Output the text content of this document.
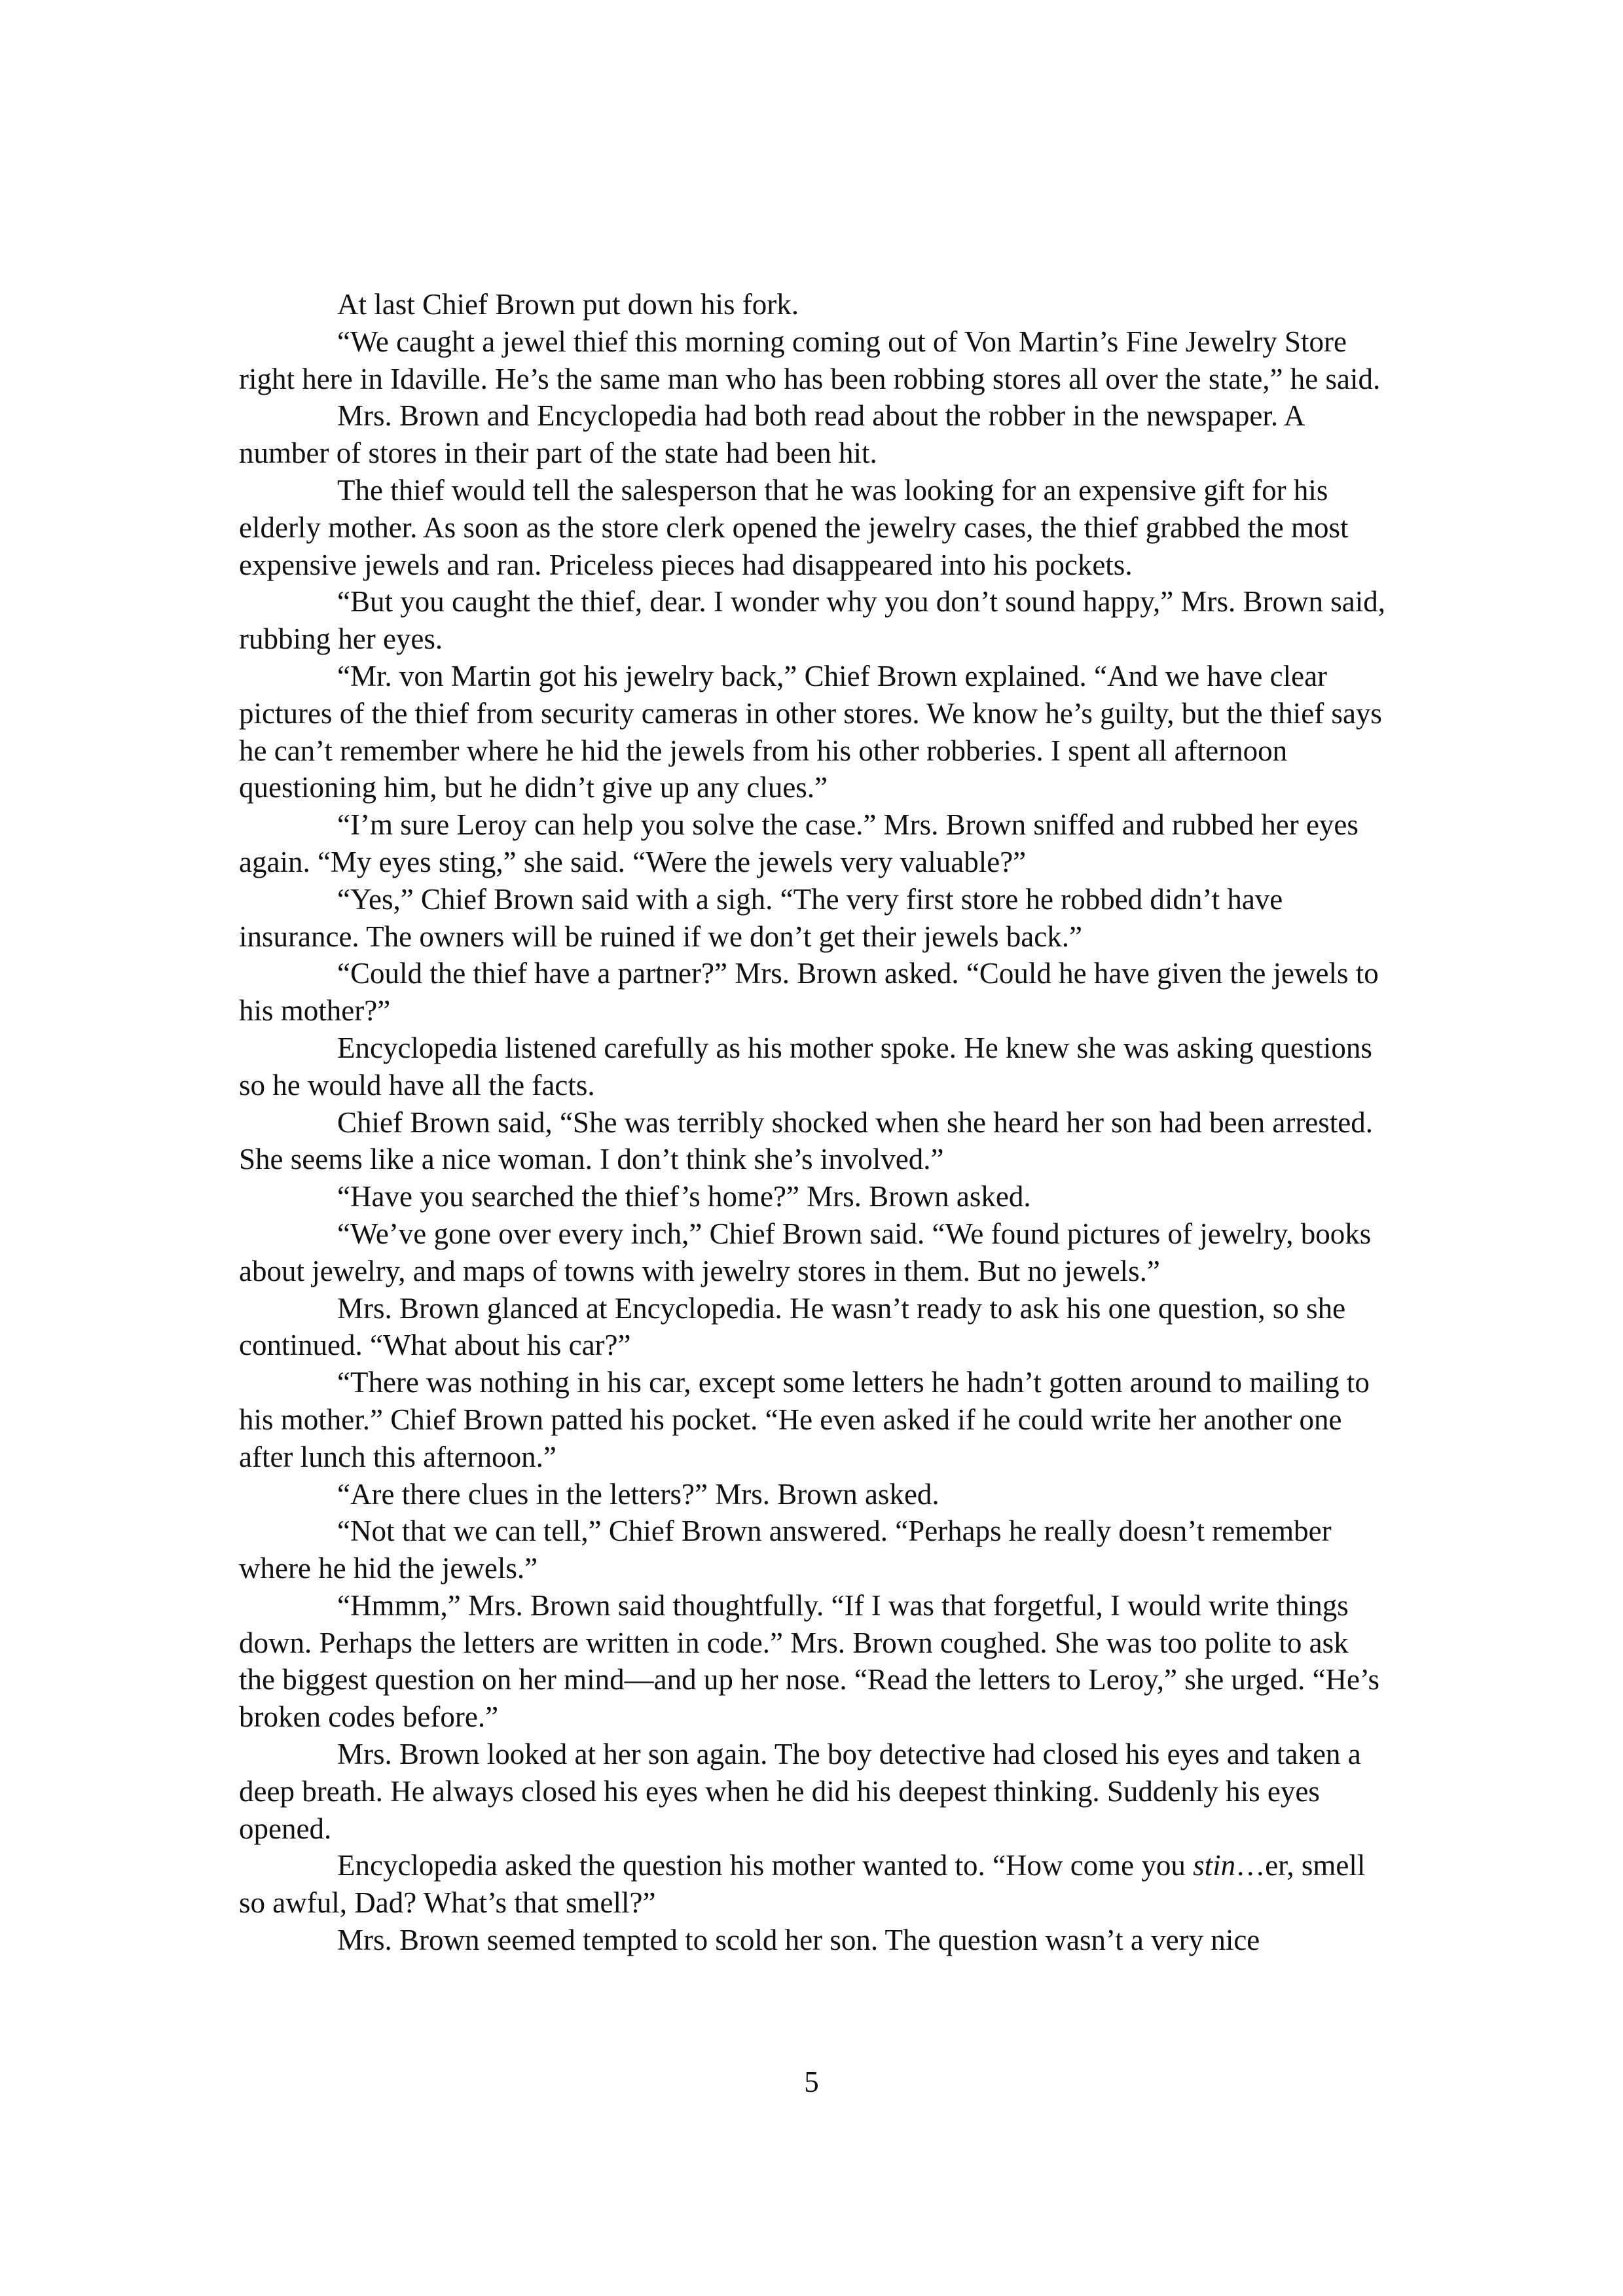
At last Chief Brown put down his fork.

“We caught a jewel thief this morning coming out of Von Martin’s Fine Jewelry Store right here in Idaville. He’s the same man who has been robbing stores all over the state,” he said.

Mrs. Brown and Encyclopedia had both read about the robber in the newspaper. A number of stores in their part of the state had been hit.

The thief would tell the salesperson that he was looking for an expensive gift for his elderly mother. As soon as the store clerk opened the jewelry cases, the thief grabbed the most expensive jewels and ran. Priceless pieces had disappeared into his pockets.

“But you caught the thief, dear. I wonder why you don’t sound happy,” Mrs. Brown said, rubbing her eyes.

“Mr. von Martin got his jewelry back,” Chief Brown explained. “And we have clear pictures of the thief from security cameras in other stores. We know he’s guilty, but the thief says he can’t remember where he hid the jewels from his other robberies. I spent all afternoon questioning him, but he didn’t give up any clues.”

“I’m sure Leroy can help you solve the case.” Mrs. Brown sniffed and rubbed her eyes again. “My eyes sting,” she said. “Were the jewels very valuable?”

“Yes,” Chief Brown said with a sigh. “The very first store he robbed didn’t have insurance. The owners will be ruined if we don’t get their jewels back.”

“Could the thief have a partner?” Mrs. Brown asked. “Could he have given the jewels to his mother?”

Encyclopedia listened carefully as his mother spoke. He knew she was asking questions so he would have all the facts.

Chief Brown said, “She was terribly shocked when she heard her son had been arrested. She seems like a nice woman. I don’t think she’s involved.”

“Have you searched the thief’s home?” Mrs. Brown asked.

“We’ve gone over every inch,” Chief Brown said. “We found pictures of jewelry, books about jewelry, and maps of towns with jewelry stores in them. But no jewels.”

Mrs. Brown glanced at Encyclopedia. He wasn’t ready to ask his one question, so she continued. “What about his car?”

“There was nothing in his car, except some letters he hadn’t gotten around to mailing to his mother.” Chief Brown patted his pocket. “He even asked if he could write her another one after lunch this afternoon.”

“Are there clues in the letters?” Mrs. Brown asked.

“Not that we can tell,” Chief Brown answered. “Perhaps he really doesn’t remember where he hid the jewels.”

“Hmmm,” Mrs. Brown said thoughtfully. “If I was that forgetful, I would write things down. Perhaps the letters are written in code.” Mrs. Brown coughed. She was too polite to ask the biggest question on her mind—and up her nose. “Read the letters to Leroy,” she urged. “He’s broken codes before.”

Mrs. Brown looked at her son again. The boy detective had closed his eyes and taken a deep breath. He always closed his eyes when he did his deepest thinking. Suddenly his eyes opened.

Encyclopedia asked the question his mother wanted to. “How come you stin…er, smell so awful, Dad? What’s that smell?”

Mrs. Brown seemed tempted to scold her son. The question wasn’t a very nice

5
